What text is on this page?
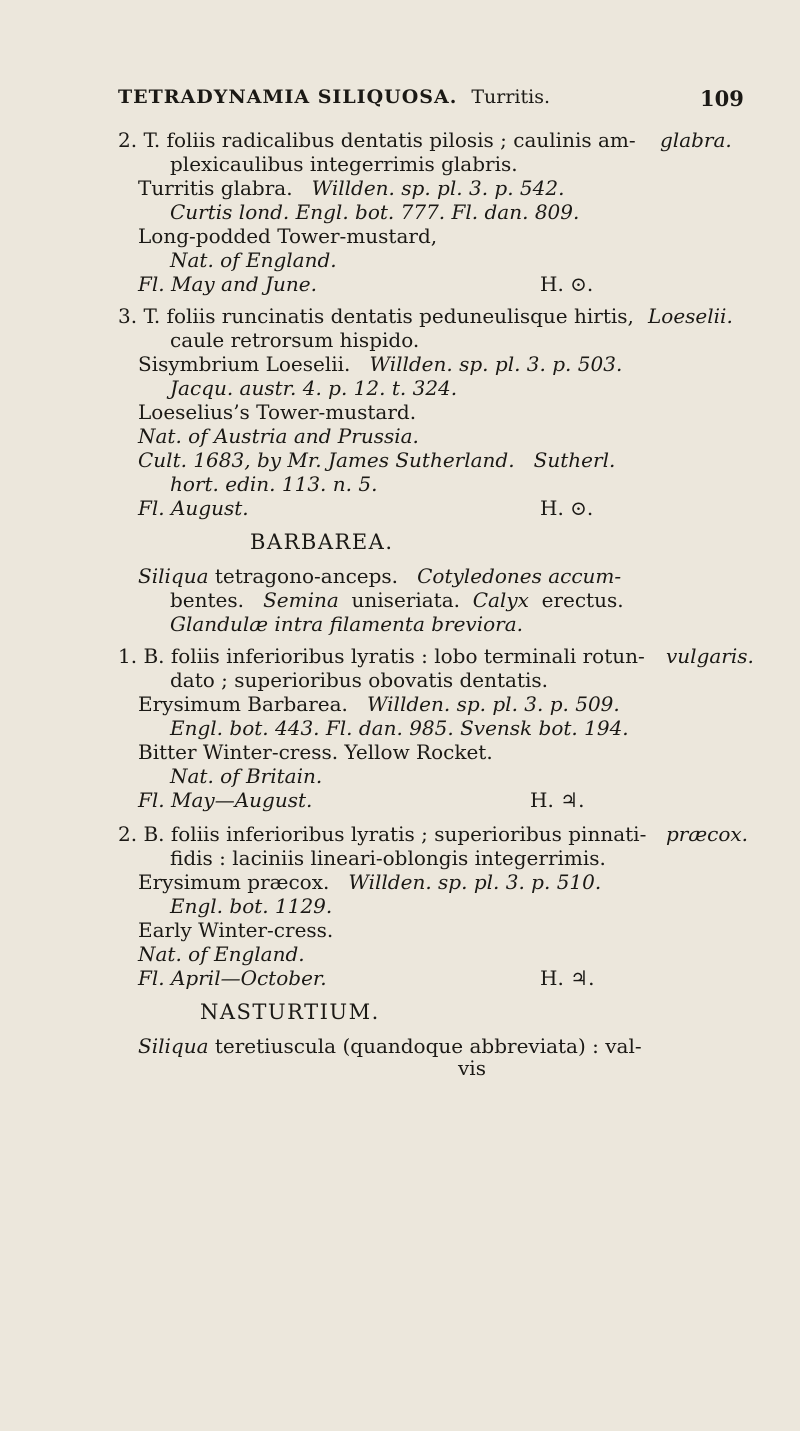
TETRADYNAMIA SILIQUOSA. Turritis.	109
2. T. foliis radicalibus dentatis pilosis ; caulinis am- glabra.
plexicaulibus integerrimis glabris.
Turritis glabra. Willden. sp. pl. 3. p. 542.
Curtis lond. Engl. bot. 777. Fl. dan. 809.
Long-podded Tower-mustard,
Nat. of England.
Fl. May and June.	H. ⊙.
3. T. foliis runcinatis dentatis peduneulisque hirtis, Loeselii.
caule retrorsum hispido.
Sisymbrium Loeselii. Willden. sp. pl. 3. p. 503.
Jacqu. austr. 4. p. 12. t. 324.
Loeselius’s Tower-mustard.
Nat. of Austria and Prussia.
Cult. 1683, by Mr. James Sutherland. Sutherl.
hort. edin. 113. n. 5.
Fl. August.	H. ⊙.
BARBAREA.
Siliqua tetragono-anceps. Cotyledones accum-
bentes. Semina uniseriata. Calyx erectus.
Glandulæ intra filamenta breviora.
1. B. foliis inferioribus lyratis : lobo terminali rotun- vulgaris.
dato ; superioribus obovatis dentatis.
Erysimum Barbarea. Willden. sp. pl. 3. p. 509.
Engl. bot. 443. Fl. dan. 985. Svensk bot. 194.
Bitter Winter-cress. Yellow Rocket.
Nat. of Britain.
Fl. May—August.	H. ♃.
2. B. foliis inferioribus lyratis ; superioribus pinnati- præcox.
fidis : laciniis lineari-oblongis integerrimis.
Erysimum præcox. Willden. sp. pl. 3. p. 510.
Engl. bot. 1129.
Early Winter-cress.
Nat. of England.
Fl. April—October.	H. ♃.
NASTURTIUM.
Siliqua teretiuscula (quandoque abbreviata) : val-
vis
